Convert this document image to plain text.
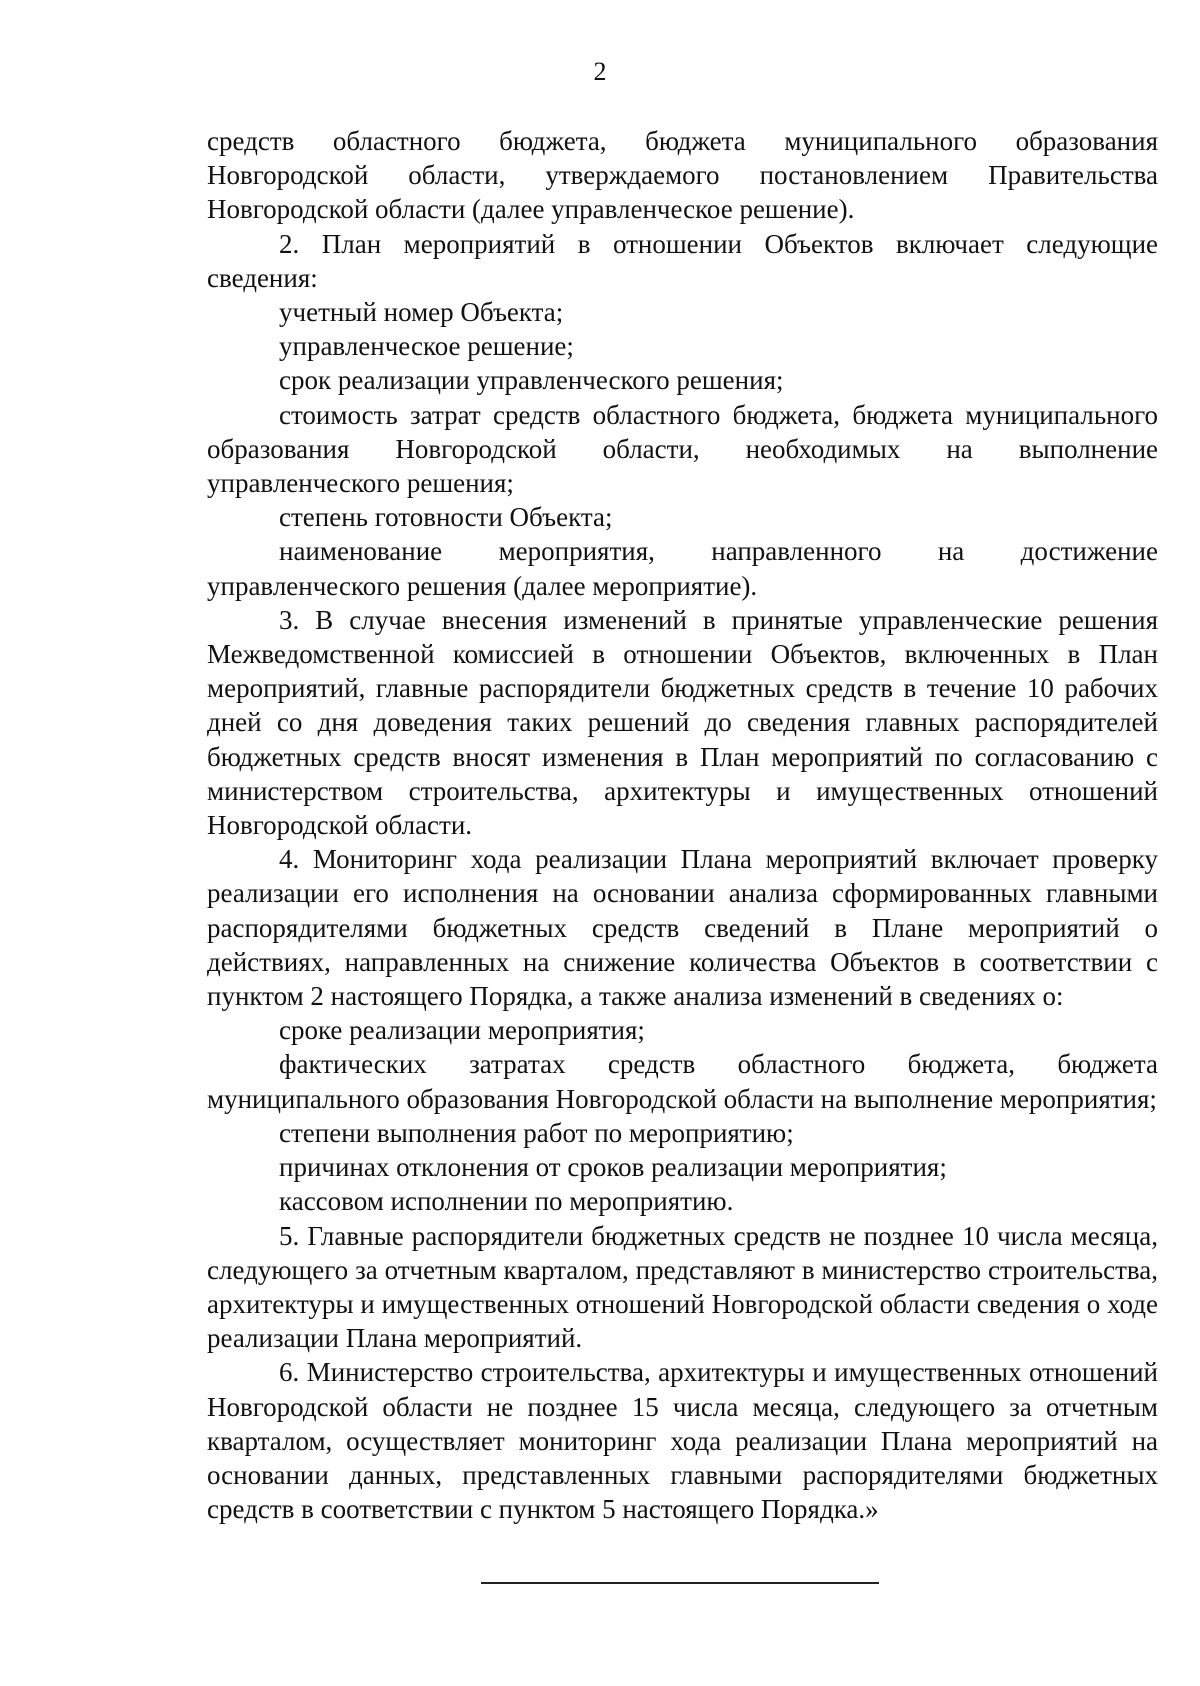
2

средств областного бюджета, бюджета муниципального образования Новгородской области, утверждаемого постановлением Правительства Новгородской области (далее управленческое решение).

2. План мероприятий в отношении Объектов включает следующие сведения:

учетный номер Объекта;

управленческое решение;

срок реализации управленческого решения;

стоимость затрат средств областного бюджета, бюджета муниципального образования Новгородской области, необходимых на выполнение управленческого решения;

степень готовности Объекта;

наименование мероприятия, направленного на достижение управленческого решения (далее мероприятие).

3. В случае внесения изменений в принятые управленческие решения Межведомственной комиссией в отношении Объектов, включенных в План мероприятий, главные распорядители бюджетных средств в течение 10 рабочих дней со дня доведения таких решений до сведения главных распорядителей бюджетных средств вносят изменения в План мероприятий по согласованию с министерством строительства, архитектуры и имущественных отношений Новгородской области.

4. Мониторинг хода реализации Плана мероприятий включает проверку реализации его исполнения на основании анализа сформированных главными распорядителями бюджетных средств сведений в Плане мероприятий о действиях, направленных на снижение количества Объектов в соответствии с пунктом 2 настоящего Порядка, а также анализа изменений в сведениях о:

сроке реализации мероприятия;

фактических затратах средств областного бюджета, бюджета муниципального образования Новгородской области на выполнение мероприятия;

степени выполнения работ по мероприятию;

причинах отклонения от сроков реализации мероприятия;

кассовом исполнении по мероприятию.

5. Главные распорядители бюджетных средств не позднее 10 числа месяца, следующего за отчетным кварталом, представляют в министерство строительства, архитектуры и имущественных отношений Новгородской области сведения о ходе реализации Плана мероприятий.

6. Министерство строительства, архитектуры и имущественных отношений Новгородской области не позднее 15 числа месяца, следующего за отчетным кварталом, осуществляет мониторинг хода реализации Плана мероприятий на основании данных, представленных главными распорядителями бюджетных средств в соответствии с пунктом 5 настоящего Порядка.»
